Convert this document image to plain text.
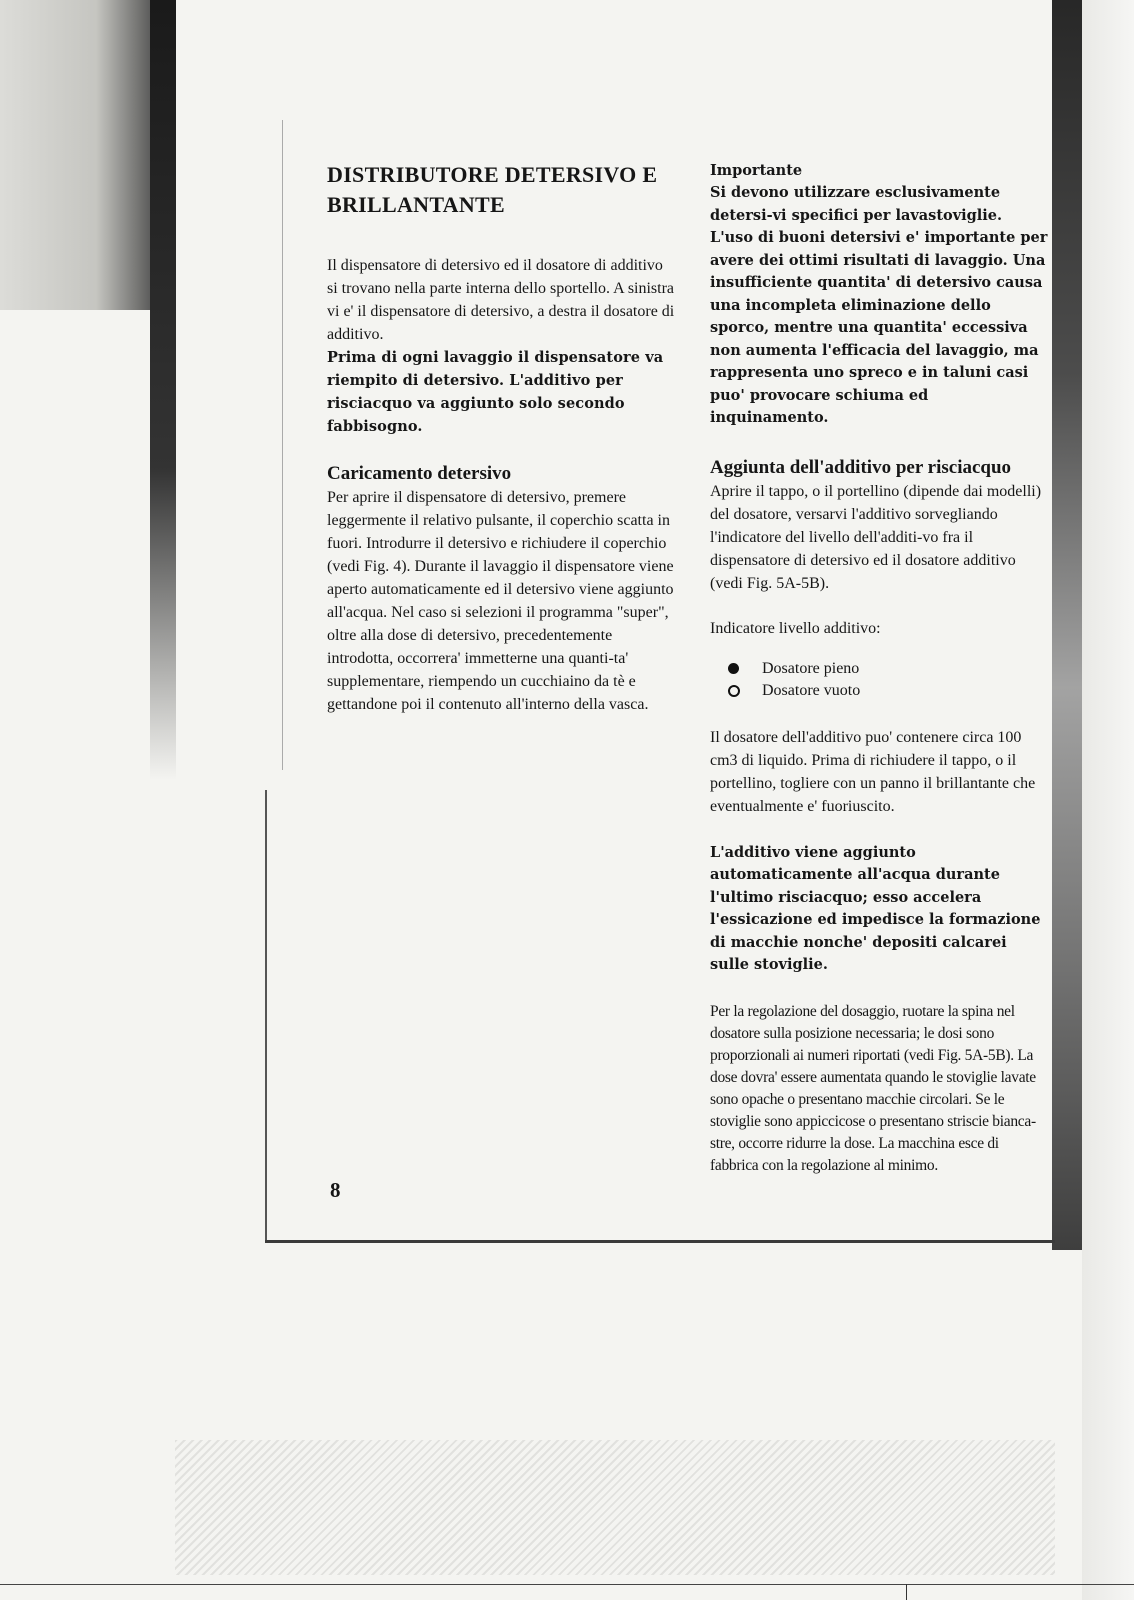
DISTRIBUTORE DETERSIVO E
BRILLANTANTE

Il dispensatore di detersivo ed il dosatore di additivo si trovano nella parte interna dello sportello. A sinistra vi e' il dispensatore di detersivo, a destra il dosatore di additivo.

Prima di ogni lavaggio il dispensatore va riempito di detersivo. L'additivo per risciacquo va aggiunto solo secondo fabbisogno.

Caricamento detersivo

Per aprire il dispensatore di detersivo, premere leggermente il relativo pulsante, il coperchio scatta in fuori. Introdurre il detersivo e richiudere il coperchio (vedi Fig. 4). Durante il lavaggio il dispensatore viene aperto automaticamente ed il detersivo viene aggiunto all'acqua. Nel caso si selezioni il programma "super", oltre alla dose di detersivo, precedentemente introdotta, occorrera' immetterne una quanti-ta' supplementare, riempendo un cucchiaino da tè e gettandone poi il contenuto all'interno della vasca.

Importante

Si devono utilizzare esclusivamente detersi-vi specifici per lavastoviglie. L'uso di buoni detersivi e' importante per avere dei ottimi risultati di lavaggio. Una insufficiente quantita' di detersivo causa una incompleta eliminazione dello sporco, mentre una quantita' eccessiva non aumenta l'efficacia del lavaggio, ma rappresenta uno spreco e in taluni casi puo' provocare schiuma ed inquinamento.

Aggiunta dell'additivo per risciacquo

Aprire il tappo, o il portellino (dipende dai modelli) del dosatore, versarvi l'additivo sorvegliando l'indicatore del livello dell'additi-vo fra il dispensatore di detersivo ed il dosatore additivo (vedi Fig. 5A-5B).

Indicatore livello additivo:

Dosatore pieno
Dosatore vuoto

Il dosatore dell'additivo puo' contenere circa 100 cm3 di liquido. Prima di richiudere il tappo, o il portellino, togliere con un panno il brillantante che eventualmente e' fuoriuscito.

L'additivo viene aggiunto automaticamente all'acqua durante l'ultimo risciacquo; esso accelera l'essicazione ed impedisce la formazione di macchie nonche' depositi calcarei sulle stoviglie.

Per la regolazione del dosaggio, ruotare la spina nel dosatore sulla posizione necessaria; le dosi sono proporzionali ai numeri riportati (vedi Fig. 5A-5B). La dose dovra' essere aumentata quando le stoviglie lavate sono opache o presentano macchie circolari. Se le stoviglie sono appiccicose o presentano striscie bianca-stre, occorre ridurre la dose. La macchina esce di fabbrica con la regolazione al minimo.

8
